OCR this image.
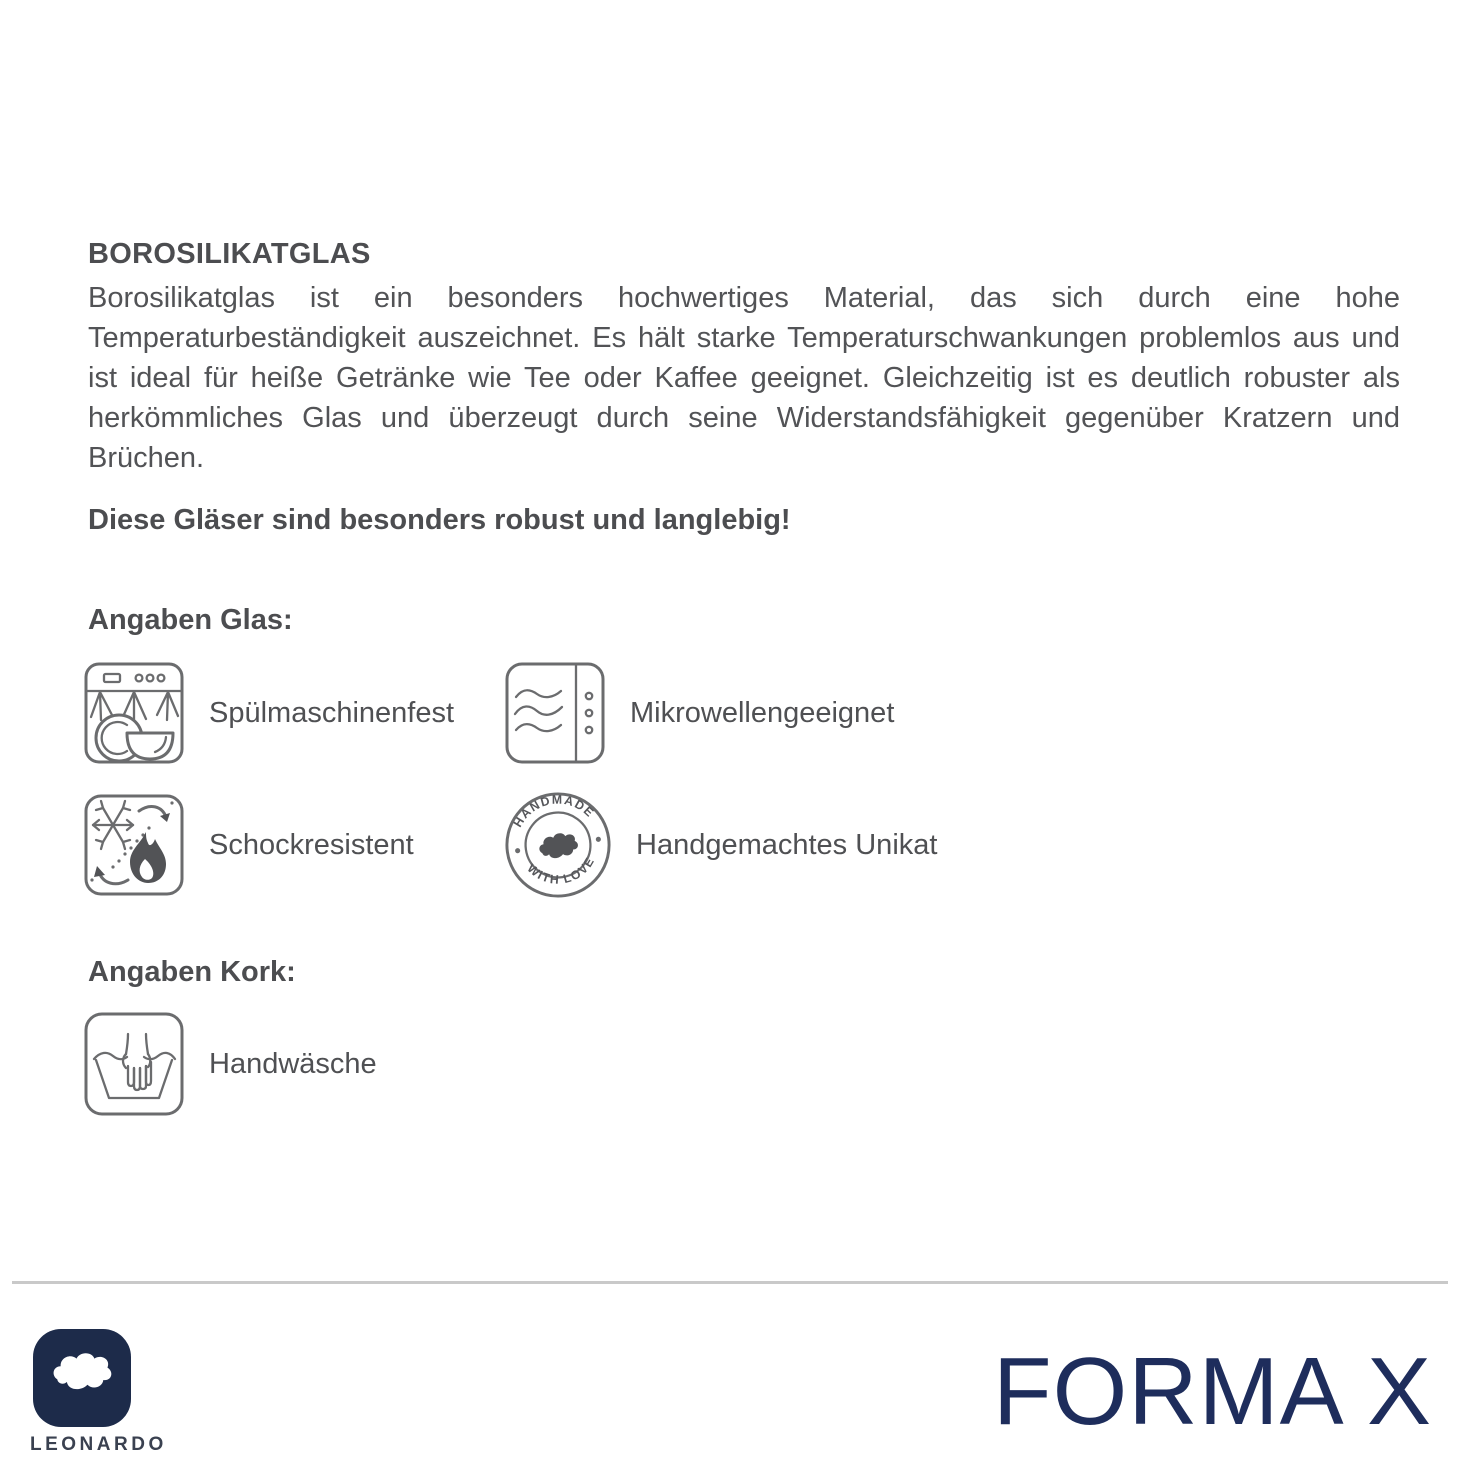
BOROSILIKATGLAS
Borosilikatglas ist ein besonders hochwertiges Material, das sich durch eine hohe Temperaturbeständigkeit auszeichnet. Es hält starke Temperaturschwankungen problemlos aus und ist ideal für heiße Getränke wie Tee oder Kaffee geeignet. Gleichzeitig ist es deutlich robuster als herkömmliches Glas und überzeugt durch seine Widerstandsfähigkeit gegenüber Kratzern und Brüchen.
Diese Gläser sind besonders robust und langlebig!
Angaben Glas:
Spülmaschinenfest	Mikrowellengeeignet
Schockresistent
HANDMADE
WITH LOVE
Handgemachtes Unikat
Angaben Kork:
Handwäsche
LEONARDO	FORMA X
